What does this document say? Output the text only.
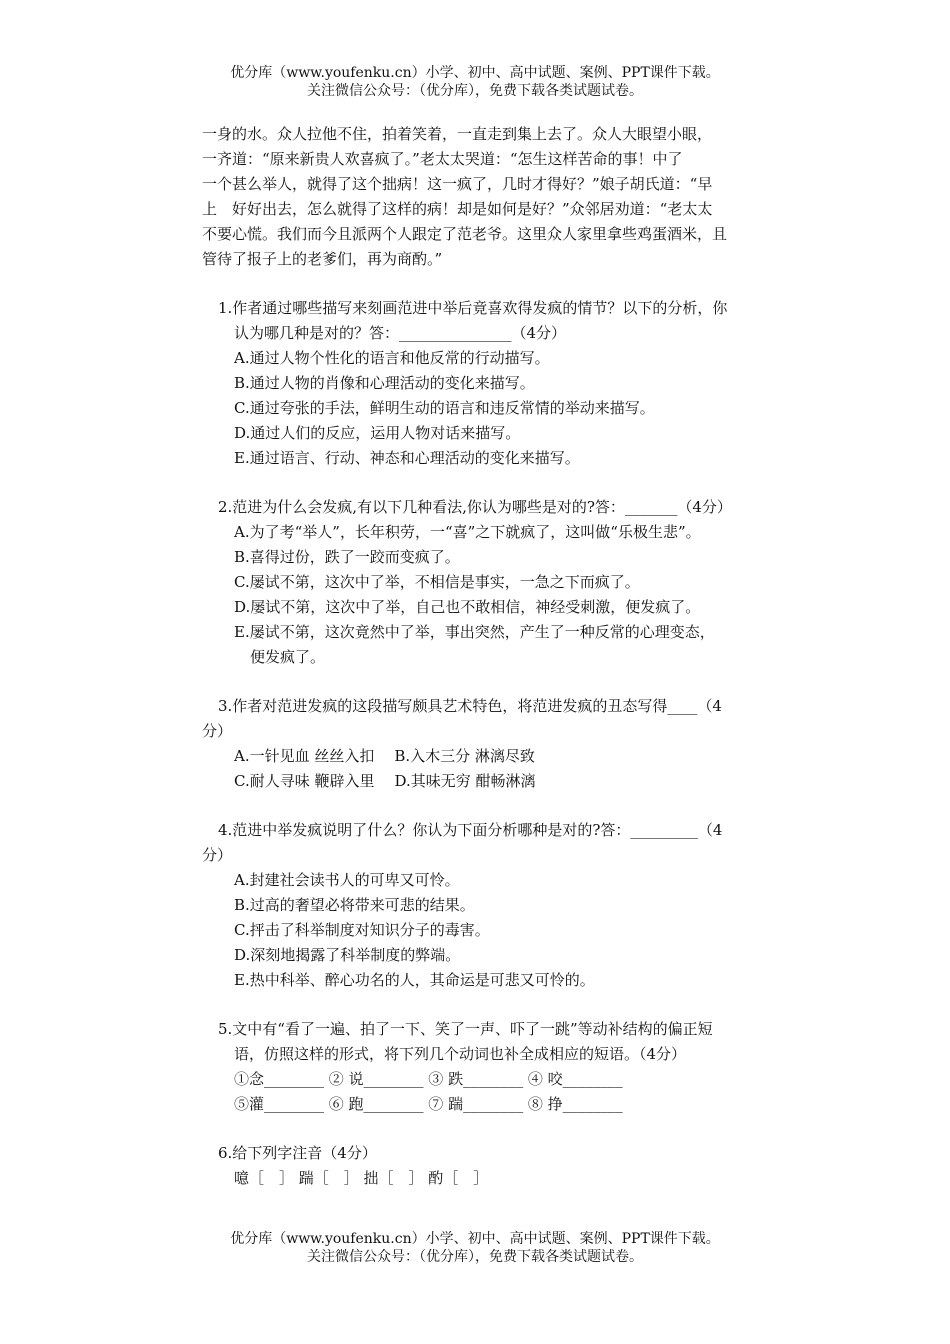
优分库（www.youfenku.cn）小学、初中、高中试题、案例、PPT课件下载。
关注微信公众号：（优分库），免费下载各类试题试卷。
一身的水。众人拉他不住，拍着笑着，一直走到集上去了。众人大眼望小眼，
一齐道：“原来新贵人欢喜疯了。”老太太哭道：“怎生这样苦命的事！中了
一个甚么举人，就得了这个拙病！这一疯了，几时才得好？”娘子胡氏道：“早
上　好好出去，怎么就得了这样的病！却是如何是好？”众邻居劝道：“老太太
不要心慌。我们而今且派两个人跟定了范老爷。这里众人家里拿些鸡蛋酒米，且
管待了报子上的老爹们，再为商酌。”
1.作者通过哪些描写来刻画范进中举后竟喜欢得发疯的情节？以下的分析，你
认为哪几种是对的？答：_______________（4分）
A.通过人物个性化的语言和他反常的行动描写。
B.通过人物的肖像和心理活动的变化来描写。
C.通过夸张的手法，鲜明生动的语言和违反常情的举动来描写。
D.通过人们的反应，运用人物对话来描写。
E.通过语言、行动、神态和心理活动的变化来描写。
2.范进为什么会发疯,有以下几种看法,你认为哪些是对的?答：_______（4分）
A.为了考“举人”，长年积劳，一“喜”之下就疯了，这叫做“乐极生悲”。
B.喜得过份，跌了一跤而变疯了。
C.屡试不第，这次中了举，不相信是事实，一急之下而疯了。
D.屡试不第，这次中了举，自己也不敢相信，神经受刺激，便发疯了。
E.屡试不第，这次竟然中了举，事出突然，产生了一种反常的心理变态，
便发疯了。
3.作者对范进发疯的这段描写颇具艺术特色，将范进发疯的丑态写得____（4
分）
A.一针见血 丝丝入扣 B.入木三分 淋漓尽致
C.耐人寻味 鞭辟入里 D.其味无穷 酣畅淋漓
4.范进中举发疯说明了什么？你认为下面分析哪种是对的?答：_________（4
分）
A.封建社会读书人的可卑又可怜。
B.过高的奢望必将带来可悲的结果。
C.抨击了科举制度对知识分子的毒害。
D.深刻地揭露了科举制度的弊端。
E.热中科举、醉心功名的人，其命运是可悲又可怜的。
5.文中有“看了一遍、拍了一下、笑了一声、吓了一跳”等动补结构的偏正短
语，仿照这样的形式，将下列几个动词也补全成相应的短语。（4分）
①念________ ② 说________ ③ 跌________ ④ 咬________
⑤灌________ ⑥ 跑________ ⑦ 踹________ ⑧ 挣________
6.给下列字注音（4分）
噫［　］ 踹［　］ 拙［　］ 酌［　］
优分库（www.youfenku.cn）小学、初中、高中试题、案例、PPT课件下载。
关注微信公众号：（优分库），免费下载各类试题试卷。
